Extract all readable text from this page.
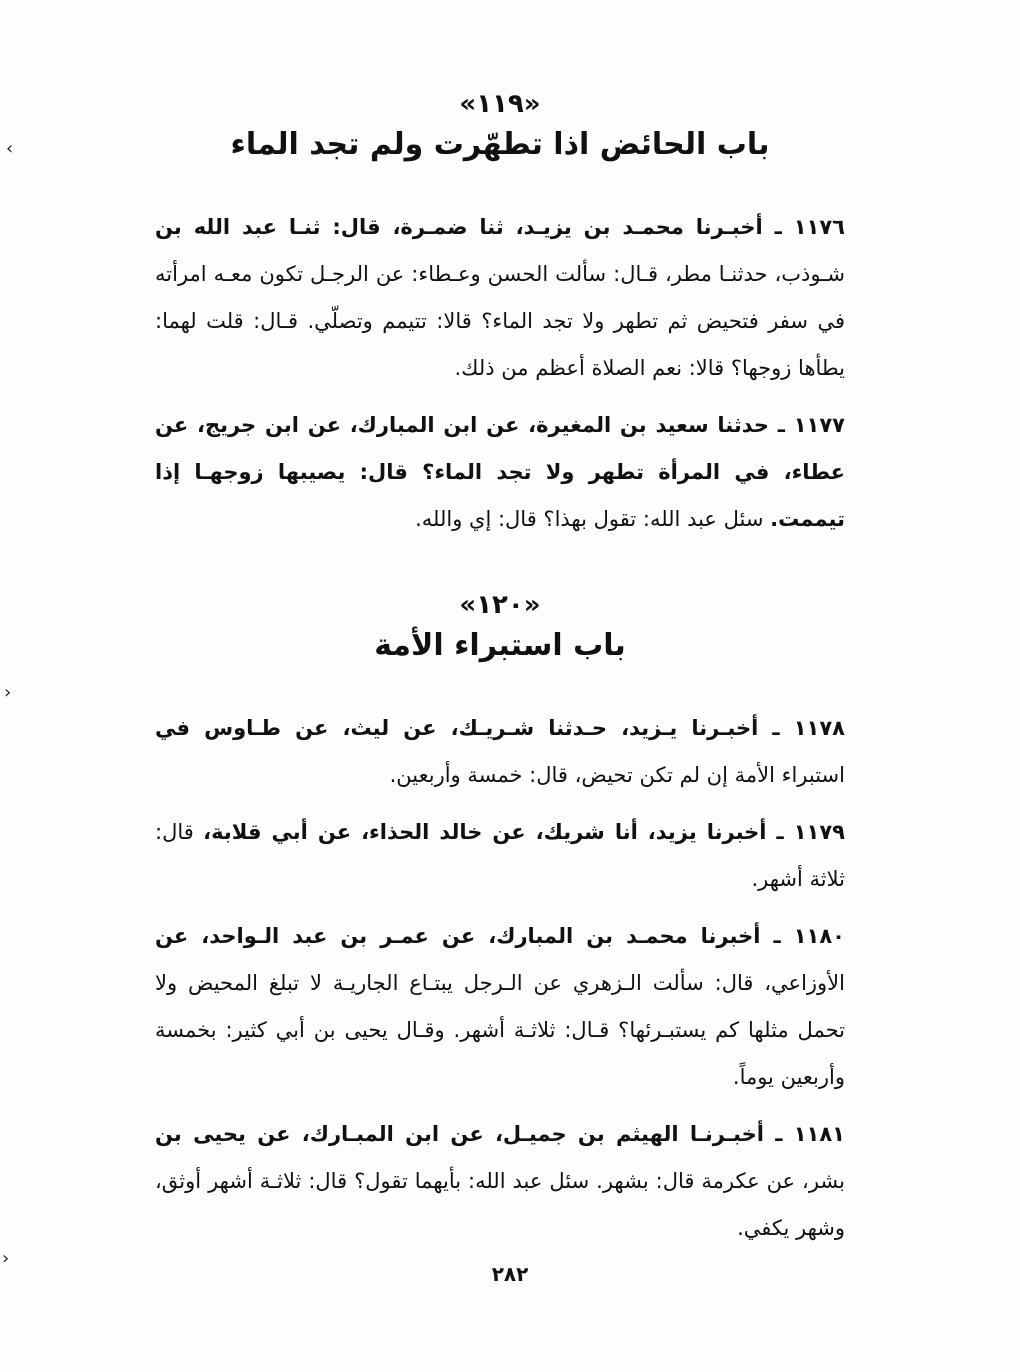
‹
›
›
«١١٩»
باب الحائض اذا تطهّرت ولم تجد الماء

١١٧٦ ـ أخبـرنا محمـد بن يزيـد، ثنا ضمـرة، قال: ثنـا عبد الله بن شـوذب، حدثنـا مطر، قـال: سألت الحسن وعـطاء: عن الرجـل تكون معـه امرأته في سفر فتحيض ثم تطهر ولا تجد الماء؟ قالا: تتيمم وتصلّي. قـال: قلت لهما: يطأها زوجها؟ قالا: نعم الصلاة أعظم من ذلك.

١١٧٧ ـ حدثنا سعيد بن المغيرة، عن ابن المبارك، عن ابن جريج، عن عطاء، في المرأة تطهر ولا تجد الماء؟ قال: يصيبها زوجهـا إذا تيممت. سئل عبد الله: تقول بهذا؟ قال: إي والله.

«١٢٠»
باب استبراء الأمة

١١٧٨ ـ أخبـرنا يـزيد، حـدثنا شـريـك، عن ليث، عن طـاوس في استبراء الأمة إن لم تكن تحيض، قال: خمسة وأربعين.

١١٧٩ ـ أخبرنا يزيد، أنا شريك، عن خالد الحذاء، عن أبي قلابة، قال: ثلاثة أشهر.

١١٨٠ ـ أخبرنا محمـد بن المبارك، عن عمـر بن عبد الـواحد، عن الأوزاعي، قال: سألت الـزهري عن الـرجل يبتـاع الجاريـة لا تبلغ المحيض ولا تحمل مثلها كم يستبـرئها؟ قـال: ثلاثـة أشهر. وقـال يحيى بن أبي كثير: بخمسة وأربعين يوماً.

١١٨١ ـ أخبـرنـا الهيثم بن جميـل، عن ابن المبـارك، عن يحيى بن بشر، عن عكرمة قال: بشهر. سئل عبد الله: بأيهما تقول؟ قال: ثلاثـة أشهر أوثق، وشهر يكفي.

٢٨٢
